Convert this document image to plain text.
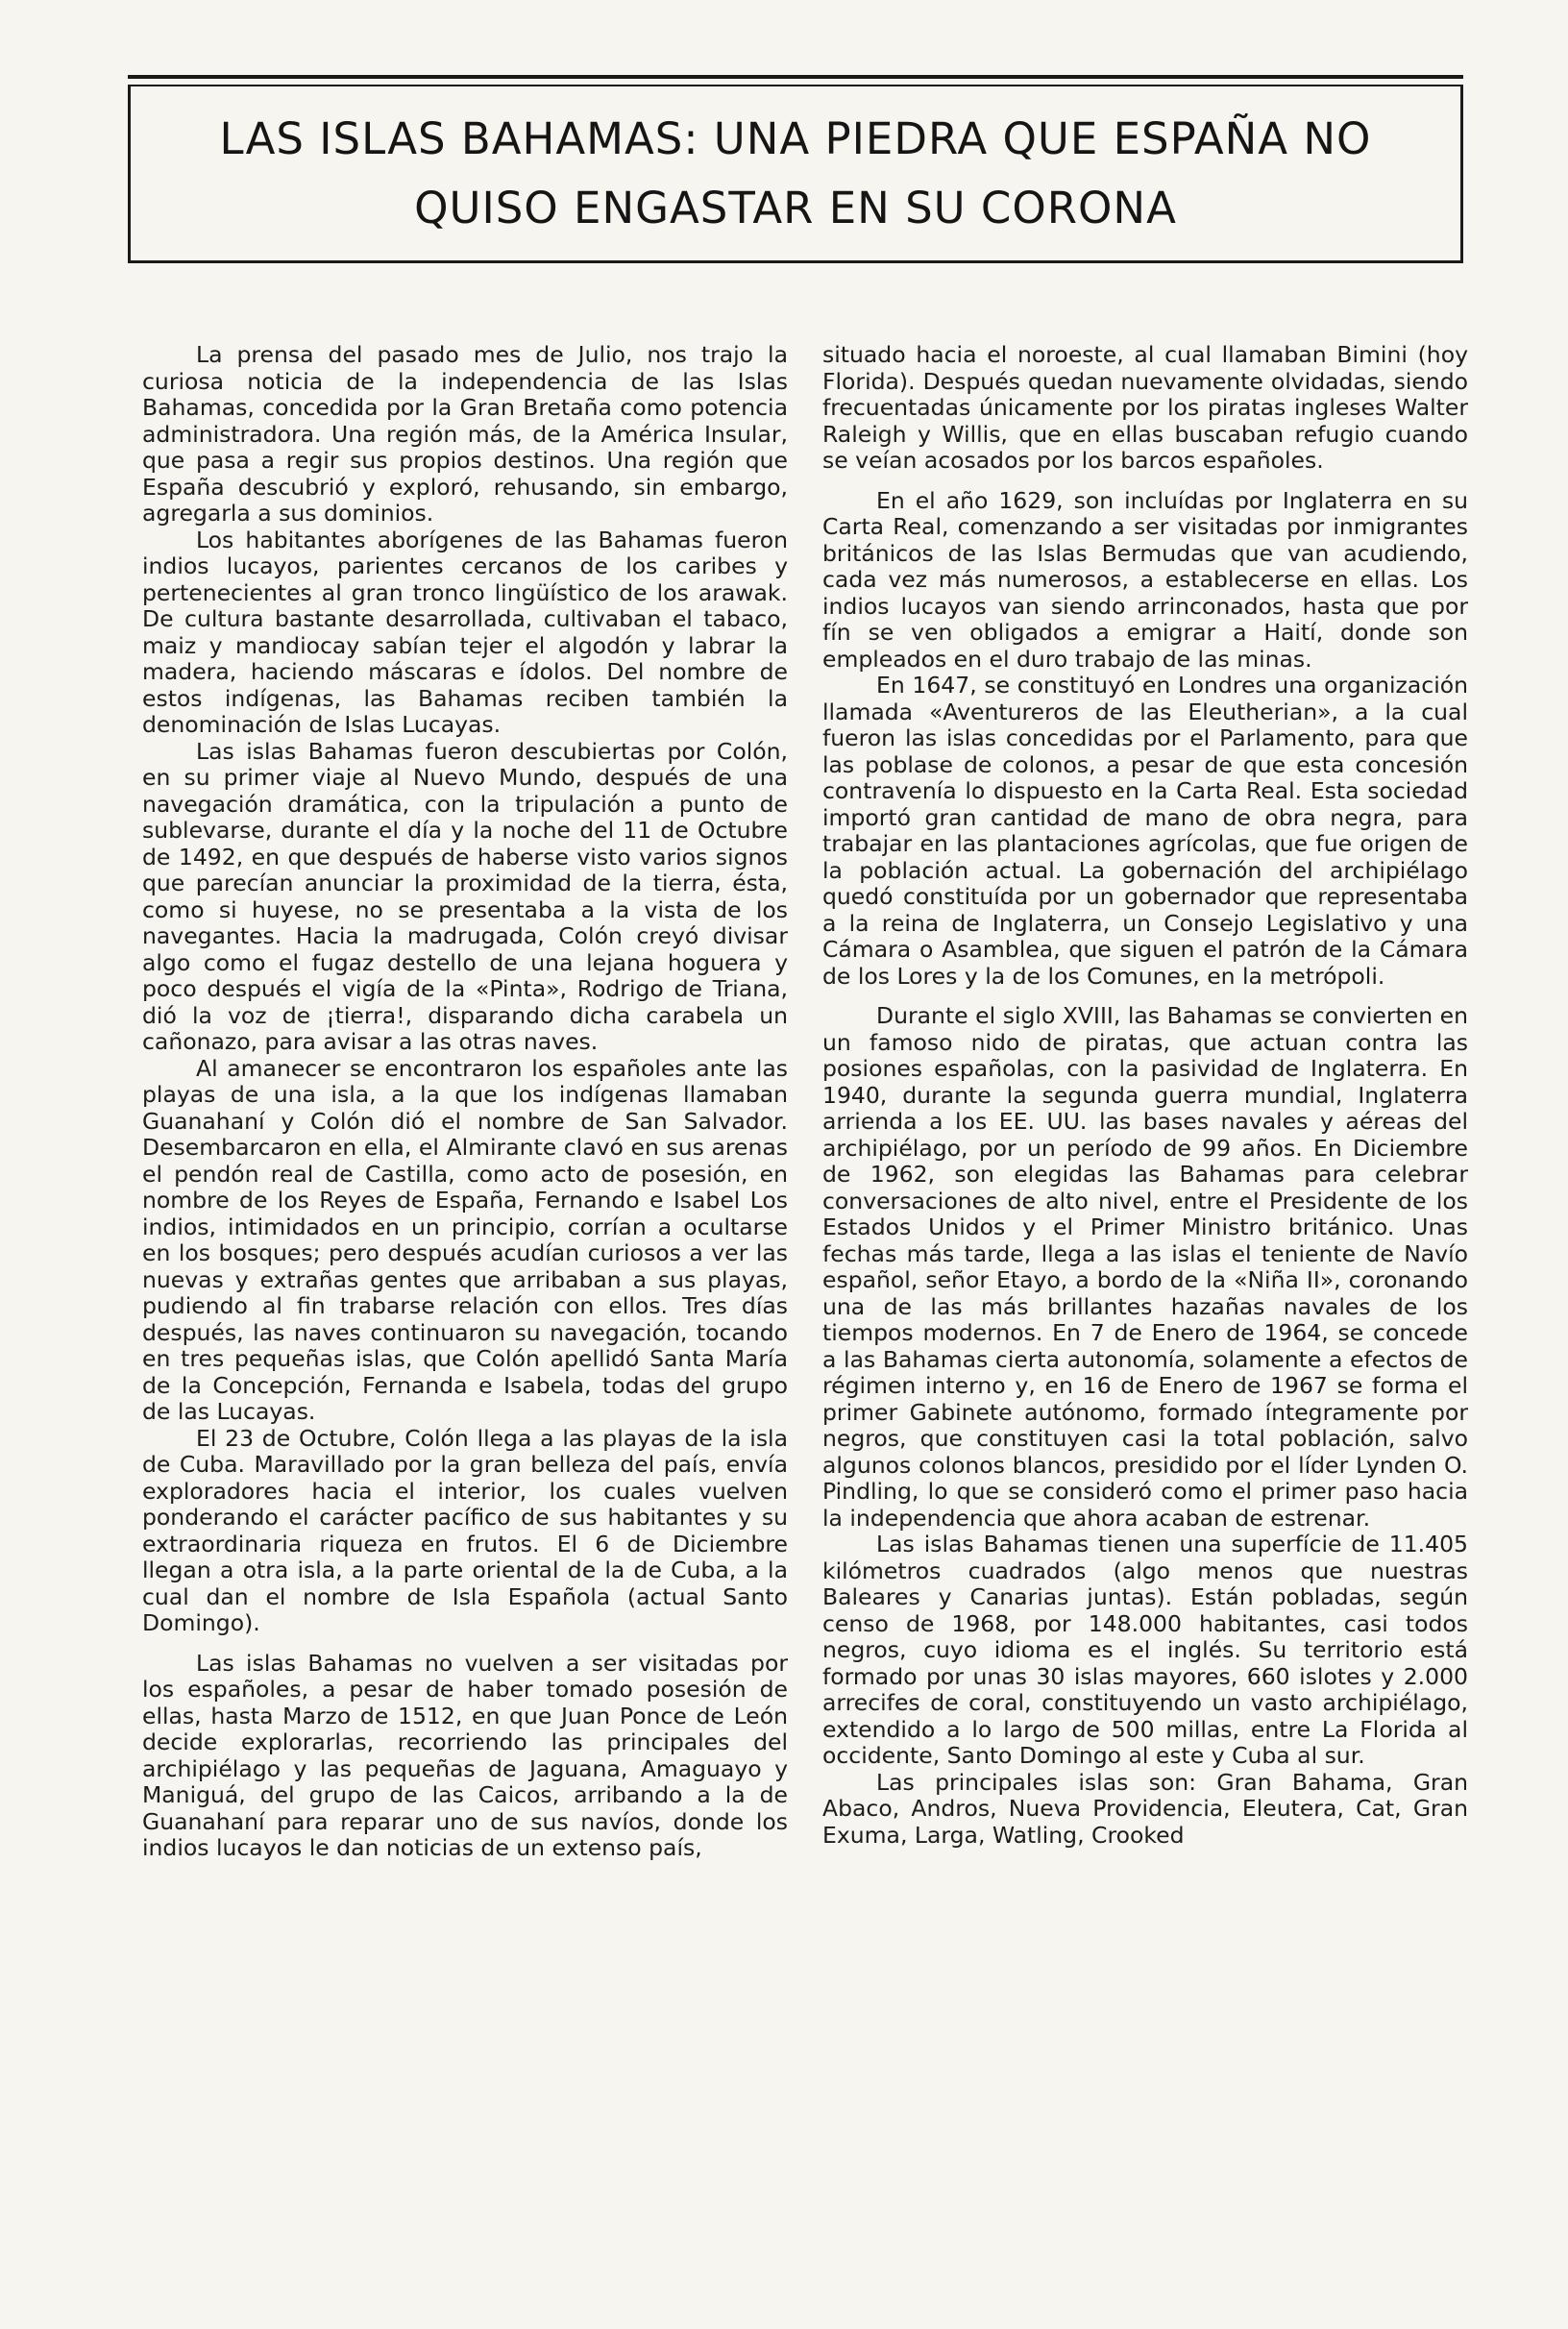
LAS ISLAS BAHAMAS: UNA PIEDRA QUE ESPAÑA NO
QUISO ENGASTAR EN SU CORONA

La prensa del pasado mes de Julio, nos trajo la curiosa noticia de la independencia de las Islas Bahamas, concedida por la Gran Bretaña como potencia administradora. Una región más, de la América Insular, que pasa a regir sus propios destinos. Una región que España descubrió y exploró, rehusando, sin embargo, agregarla a sus dominios.

Los habitantes aborígenes de las Bahamas fueron indios lucayos, parientes cercanos de los caribes y pertenecientes al gran tronco lingüístico de los arawak. De cultura bastante desarrollada, cultivaban el tabaco, maiz y mandiocay sabían tejer el algodón y labrar la madera, haciendo máscaras e ídolos. Del nombre de estos indígenas, las Bahamas reciben también la denominación de Islas Lucayas.

Las islas Bahamas fueron descubiertas por Colón, en su primer viaje al Nuevo Mundo, después de una navegación dramática, con la tripulación a punto de sublevarse, durante el día y la noche del 11 de Octubre de 1492, en que después de haberse visto varios signos que parecían anunciar la proximidad de la tierra, ésta, como si huyese, no se presentaba a la vista de los navegantes. Hacia la madrugada, Colón creyó divisar algo como el fugaz destello de una lejana hoguera y poco después el vigía de la «Pinta», Rodrigo de Triana, dió la voz de ¡tierra!, disparando dicha carabela un cañonazo, para avisar a las otras naves.

Al amanecer se encontraron los españoles ante las playas de una isla, a la que los indígenas llamaban Guanahaní y Colón dió el nombre de San Salvador. Desembarcaron en ella, el Almirante clavó en sus arenas el pendón real de Castilla, como acto de posesión, en nombre de los Reyes de España, Fernando e Isabel Los indios, intimidados en un principio, corrían a ocultarse en los bosques; pero después acudían curiosos a ver las nuevas y extrañas gentes que arribaban a sus playas, pudiendo al fin trabarse relación con ellos. Tres días después, las naves continuaron su navegación, tocando en tres pequeñas islas, que Colón apellidó Santa María de la Concepción, Fernanda e Isabela, todas del grupo de las Lucayas.

El 23 de Octubre, Colón llega a las playas de la isla de Cuba. Maravillado por la gran belleza del país, envía exploradores hacia el interior, los cuales vuelven ponderando el carácter pacífico de sus habitantes y su extraordinaria riqueza en frutos. El 6 de Diciembre llegan a otra isla, a la parte oriental de la de Cuba, a la cual dan el nombre de Isla Española (actual Santo Domingo).

Las islas Bahamas no vuelven a ser visitadas por los españoles, a pesar de haber tomado posesión de ellas, hasta Marzo de 1512, en que Juan Ponce de León decide explorarlas, recorriendo las principales del archipiélago y las pequeñas de Jaguana, Amaguayo y Maniguá, del grupo de las Caicos, arribando a la de Guanahaní para reparar uno de sus navíos, donde los indios lucayos le dan noticias de un extenso país,

situado hacia el noroeste, al cual llamaban Bimini (hoy Florida). Después quedan nuevamente olvidadas, siendo frecuentadas únicamente por los piratas ingleses Walter Raleigh y Willis, que en ellas buscaban refugio cuando se veían acosados por los barcos españoles.

En el año 1629, son incluídas por Inglaterra en su Carta Real, comenzando a ser visitadas por inmigrantes británicos de las Islas Bermudas que van acudiendo, cada vez más numerosos, a establecerse en ellas. Los indios lucayos van siendo arrinconados, hasta que por fín se ven obligados a emigrar a Haití, donde son empleados en el duro trabajo de las minas.

En 1647, se constituyó en Londres una organización llamada «Aventureros de las Eleutherian», a la cual fueron las islas concedidas por el Parlamento, para que las poblase de colonos, a pesar de que esta concesión contravenía lo dispuesto en la Carta Real. Esta sociedad importó gran cantidad de mano de obra negra, para trabajar en las plantaciones agrícolas, que fue origen de la población actual. La gobernación del archipiélago quedó constituída por un gobernador que representaba a la reina de Inglaterra, un Consejo Legislativo y una Cámara o Asamblea, que siguen el patrón de la Cámara de los Lores y la de los Comunes, en la metrópoli.

Durante el siglo XVIII, las Bahamas se convierten en un famoso nido de piratas, que actuan contra las posiones españolas, con la pasividad de Inglaterra. En 1940, durante la segunda guerra mundial, Inglaterra arrienda a los EE. UU. las bases navales y aéreas del archipiélago, por un período de 99 años. En Diciembre de 1962, son elegidas las Bahamas para celebrar conversaciones de alto nivel, entre el Presidente de los Estados Unidos y el Primer Ministro británico. Unas fechas más tarde, llega a las islas el teniente de Navío español, señor Etayo, a bordo de la «Niña II», coronando una de las más brillantes hazañas navales de los tiempos modernos. En 7 de Enero de 1964, se concede a las Bahamas cierta autonomía, solamente a efectos de régimen interno y, en 16 de Enero de 1967 se forma el primer Gabinete autónomo, formado íntegramente por negros, que constituyen casi la total población, salvo algunos colonos blancos, presidido por el líder Lynden O. Pindling, lo que se consideró como el primer paso hacia la independencia que ahora acaban de estrenar.

Las islas Bahamas tienen una superfície de 11.405 kilómetros cuadrados (algo menos que nuestras Baleares y Canarias juntas). Están pobladas, según censo de 1968, por 148.000 habitantes, casi todos negros, cuyo idioma es el inglés. Su territorio está formado por unas 30 islas mayores, 660 islotes y 2.000 arrecifes de coral, constituyendo un vasto archipiélago, extendido a lo largo de 500 millas, entre La Florida al occidente, Santo Domingo al este y Cuba al sur.

Las principales islas son: Gran Bahama, Gran Abaco, Andros, Nueva Providencia, Eleutera, Cat, Gran Exuma, Larga, Watling, Crooked
